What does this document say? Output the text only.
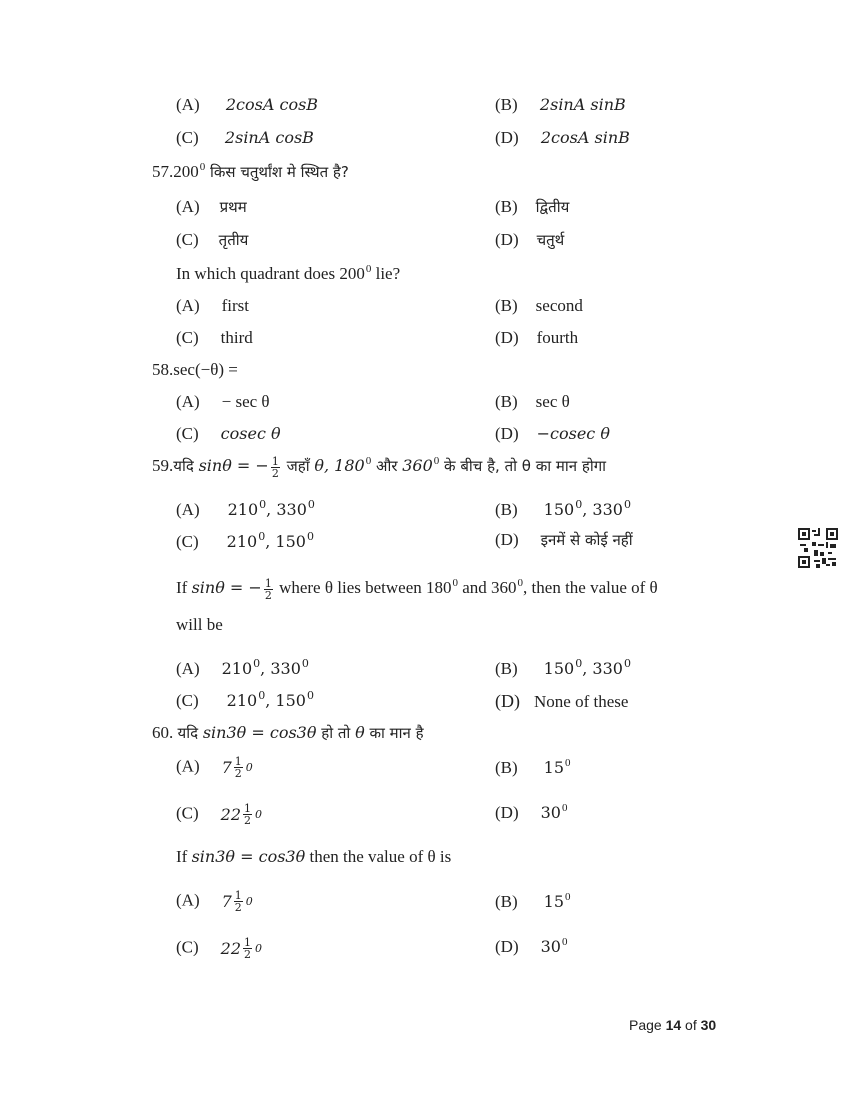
(A) 2cosA cosB	(B) 2sinA sinB
(C) 2sinA cosB	(D) 2cosA sinB
57.200$^0$ किस चतुर्थांश मे स्थित है?
(A) प्रथम	(B) द्वितीय
(C) तृतीय	(D) चतुर्थ
In which quadrant does $200^0$ lie?
(A) first	(B) second
(C) third	(D) fourth
58.sec(−θ) =
(A) − sec θ	(B) sec θ
(C) cosec θ	(D) −cosec θ
59.यदि sinθ = − $\frac{1}{2}$ जहाँ θ, $180^0$ और $360^0$ के बीच है, तो θ का मान होगा
(A) $210^0$, $330^0$	(B) $150^0$, $330^0$
(C) $210^0$, $150^0$	(D) इनमें से कोई नहीं
If sinθ = − $\frac{1}{2}$ where θ lies between $180^0$ and $360^0$, then the value of θ
will be
(A) $210^0$, $330^0$	(B) $150^0$, $330^0$
(C) $210^0$, $150^0$	(D) None of these
60. यदि sin3θ = cos3θ हो तो θ का मान है
(A) $7 \frac{1}{2} 0$	(B) $15^0$
(C) $22 \frac{1}{2} 0$	(D) $30^0$
If sin3θ = cos3θ then the value of θ is
(A) $7 \frac{1}{2} 0$	(B) $15^0$
(C) $22 \frac{1}{2} 0$	(D) $30^0$
Page 14 of 30
